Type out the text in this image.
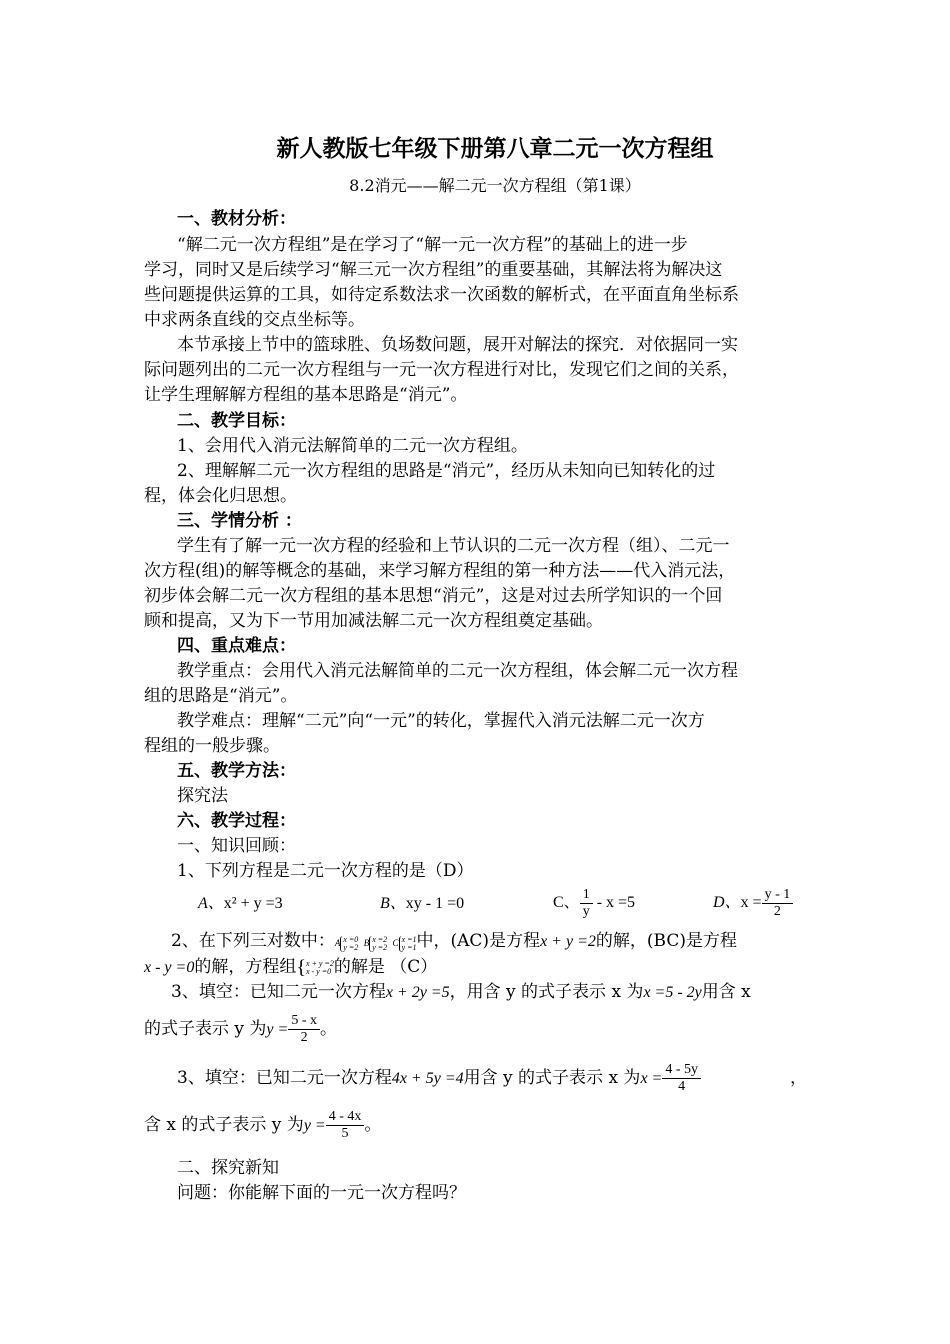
新人教版七年级下册第八章二元一次方程组
8.2消元——解二元一次方程组（第1课）
一、教材分析：
“解二元一次方程组”是在学习了“解一元一次方程”的基础上的进一步
学习，同时又是后续学习“解三元一次方程组”的重要基础，其解法将为解决这
些问题提供运算的工具，如待定系数法求一次函数的解析式，在平面直角坐标系
中求两条直线的交点坐标等。
本节承接上节中的篮球胜、负场数问题，展开对解法的探究．对依据同一实
际问题列出的二元一次方程组与一元一次方程进行对比，发现它们之间的关系，
让学生理解解方程组的基本思路是“消元”。
二、教学目标：
1、会用代入消元法解简单的二元一次方程组。
2、理解解二元一次方程组的思路是“消元”，经历从未知向已知转化的过
程，体会化归思想。
三、学情分析 ：
学生有了解一元一次方程的经验和上节认识的二元一次方程（组）、二元一
次方程(组)的解等概念的基础，来学习解方程组的第一种方法——代入消元法，
初步体会解二元一次方程组的基本思想“消元”，这是对过去所学知识的一个回
顾和提高，又为下一节用加减法解二元一次方程组奠定基础。
四、重点难点：
教学重点：会用代入消元法解简单的二元一次方程组，体会解二元一次方程
组的思路是“消元”。
教学难点：理解“二元”向“一元”的转化，掌握代入消元法解二元一次方
程组的一般步骤。
五、教学方法：
探究法
六、教学过程：
一、知识回顾：
1、下列方程是二元一次方程的是（D）
A、x² + y =3	B、xy - 1 =0	C、 $\frac{1}{y} - x =5$	D、$x = \frac{y - 1}{2}$
2、在下列三对数中：A x =0
y =2 B x =2
y =2 C x =1
y =1 中，(AC)是方程x + y =2的解，(BC)是方程
x - y =0的解，方程组{ x + y =2
x - y =0 的解是 （C）
3、填空：已知二元一次方程x + 2y =5，用含 y 的式子表示 x 为x =5 - 2y用含 x
的式子表示 y 为$y = \frac{5 - x}{2}$ 。
3、填空：已知二元一次方程4x + 5y =4用含 y 的式子表示 x 为$x = \frac{4 - 5y}{4}$	，
含 x 的式子表示 y 为$y = \frac{4 - 4x}{5}$ 。
二、探究新知
问题：你能解下面的一元一次方程吗？
